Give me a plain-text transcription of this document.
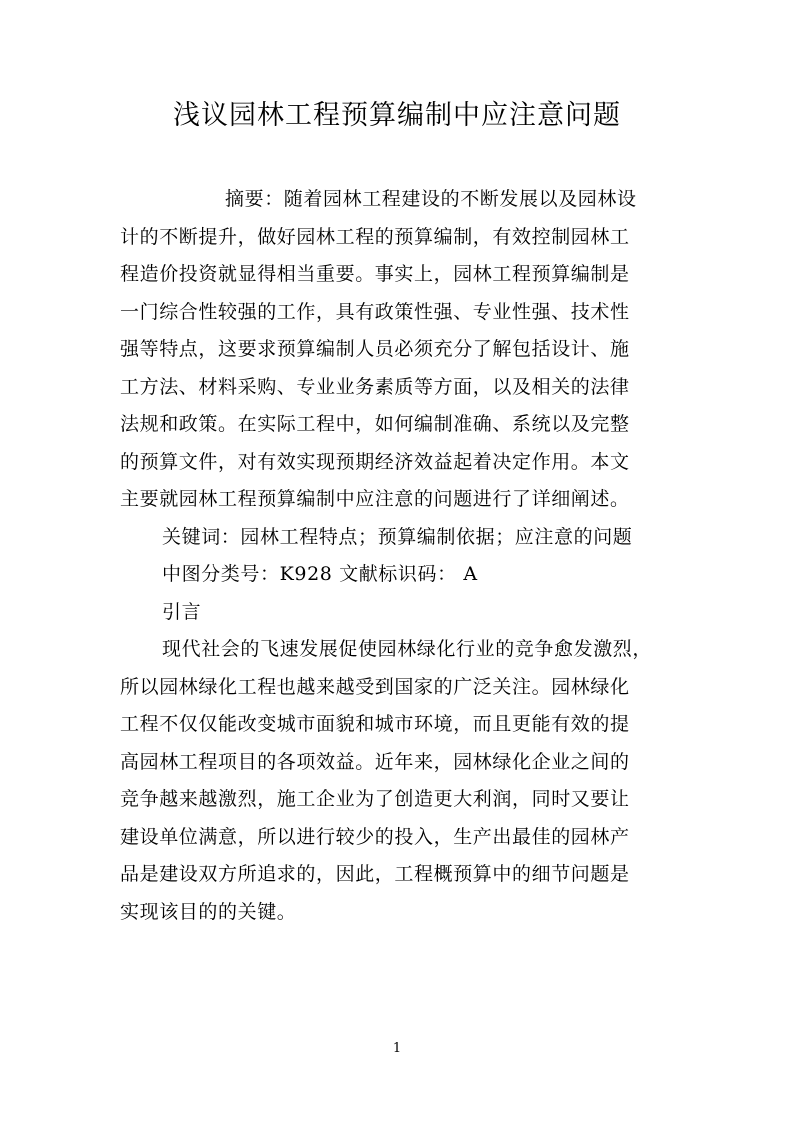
浅议园林工程预算编制中应注意问题
摘要：随着园林工程建设的不断发展以及园林设
计的不断提升，做好园林工程的预算编制，有效控制园林工
程造价投资就显得相当重要。事实上，园林工程预算编制是
一门综合性较强的工作，具有政策性强、专业性强、技术性
强等特点，这要求预算编制人员必须充分了解包括设计、施
工方法、材料采购、专业业务素质等方面，以及相关的法律
法规和政策。在实际工程中，如何编制准确、系统以及完整
的预算文件，对有效实现预期经济效益起着决定作用。本文
主要就园林工程预算编制中应注意的问题进行了详细阐述。
关键词：园林工程特点；预算编制依据；应注意的问题
中图分类号：K928 文献标识码： A
引言
现代社会的飞速发展促使园林绿化行业的竞争愈发激烈，
所以园林绿化工程也越来越受到国家的广泛关注。园林绿化
工程不仅仅能改变城市面貌和城市环境，而且更能有效的提
高园林工程项目的各项效益。近年来，园林绿化企业之间的
竞争越来越激烈，施工企业为了创造更大利润，同时又要让
建设单位满意，所以进行较少的投入，生产出最佳的园林产
品是建设双方所追求的，因此，工程概预算中的细节问题是
实现该目的的关键。
1
